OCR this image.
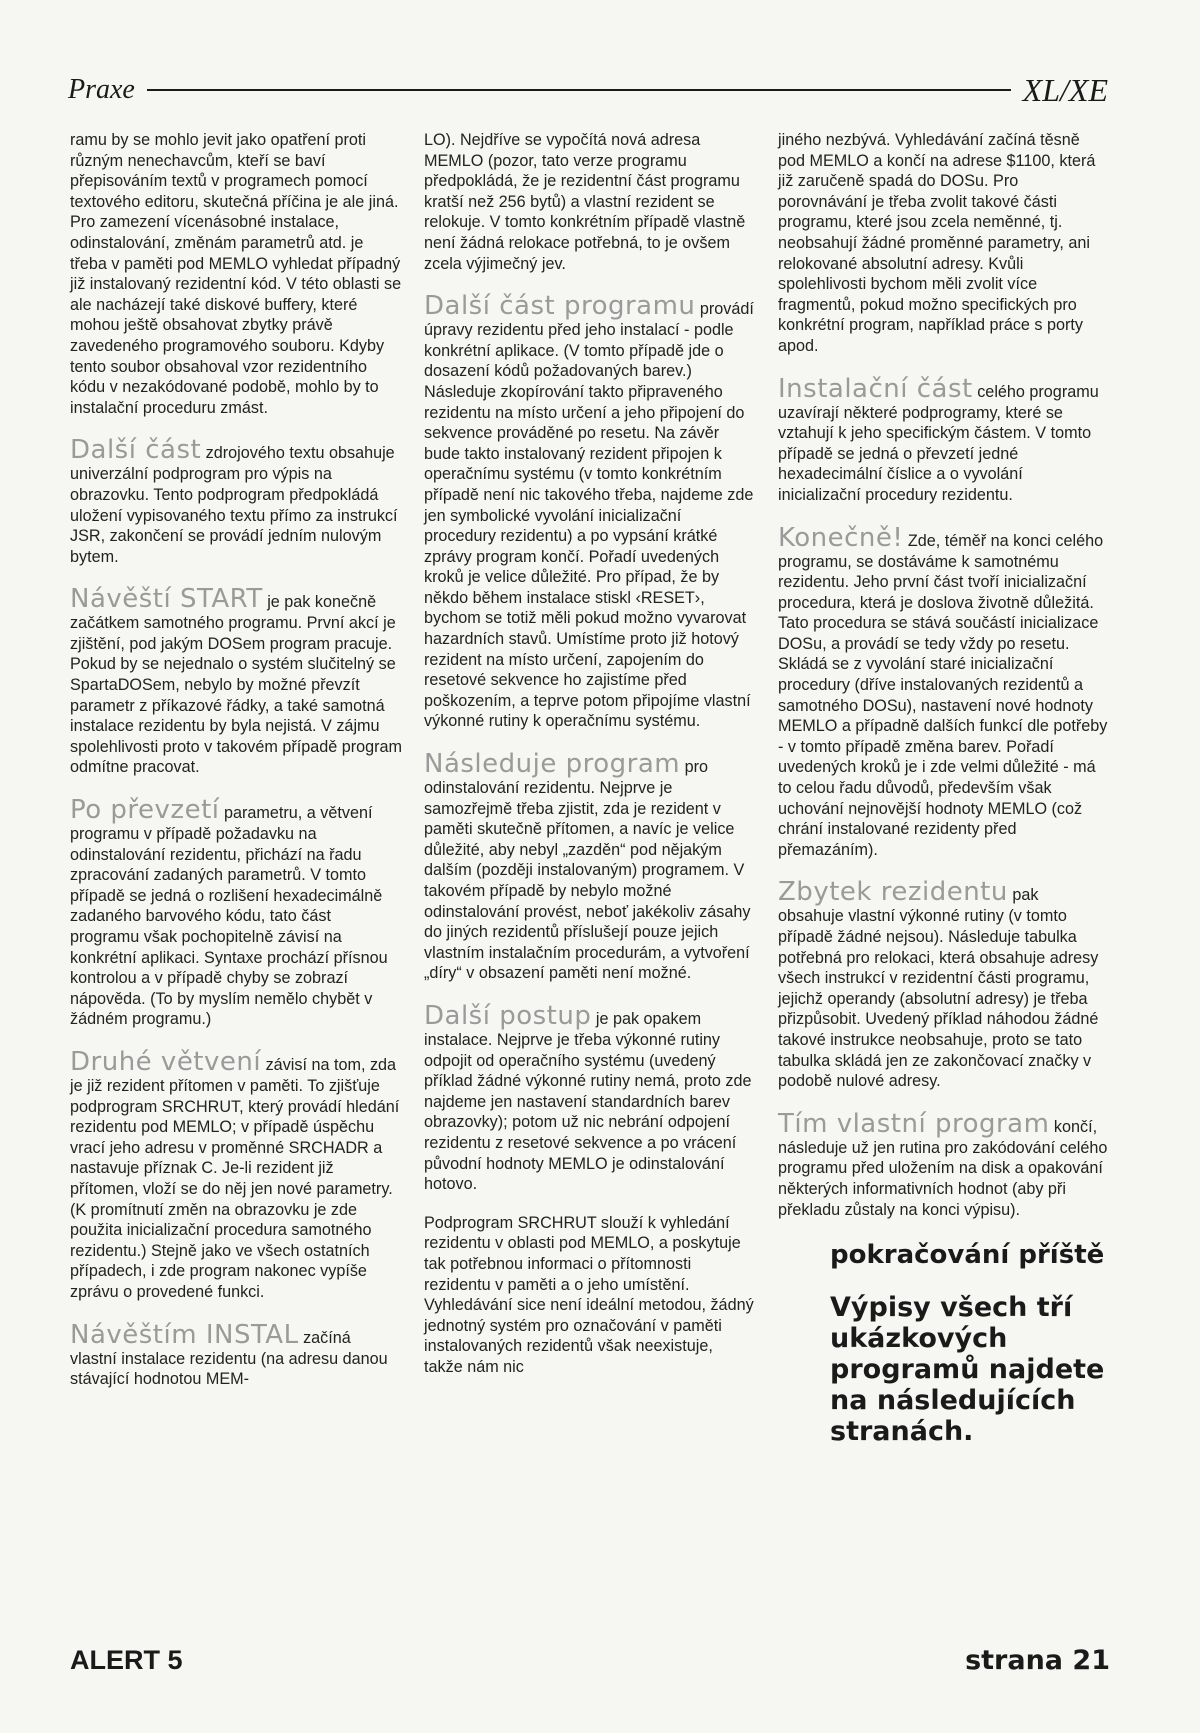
Praxe	XL/XE

ramu by se mohlo jevit jako opatření proti různým nenechavcům, kteří se baví přepisováním textů v programech pomocí textového editoru, skutečná příčina je ale jiná. Pro zamezení vícenásobné instalace, odinstalování, změnám parametrů atd. je třeba v paměti pod MEMLO vyhledat případný již instalovaný rezidentní kód. V této oblasti se ale nacházejí také diskové buffery, které mohou ještě obsahovat zbytky právě zavedeného programového souboru. Kdyby tento soubor obsahoval vzor rezidentního kódu v nezakódované podobě, mohlo by to instalační proceduru zmást.

Další část zdrojového textu obsahuje univerzální podprogram pro výpis na obrazovku. Tento podprogram předpokládá uložení vypisovaného textu přímo za instrukcí JSR, zakončení se provádí jedním nulovým bytem.

Návěští START je pak konečně začátkem samotného programu. První akcí je zjištění, pod jakým DOSem program pracuje. Pokud by se nejednalo o systém slučitelný se SpartaDOSem, nebylo by možné převzít parametr z příkazové řádky, a také samotná instalace rezidentu by byla nejistá. V zájmu spolehlivosti proto v takovém případě program odmítne pracovat.

Po převzetí parametru, a větvení programu v případě požadavku na odinstalování rezidentu, přichází na řadu zpracování zadaných parametrů. V tomto případě se jedná o rozlišení hexadecimálně zadaného barvového kódu, tato část programu však pochopitelně závisí na konkrétní aplikaci. Syntaxe prochází přísnou kontrolou a v případě chyby se zobrazí nápověda. (To by myslím nemělo chybět v žádném programu.)

Druhé větvení závisí na tom, zda je již rezident přítomen v paměti. To zjišťuje podprogram SRCHRUT, který provádí hledání rezidentu pod MEMLO; v případě úspěchu vrací jeho adresu v proměnné SRCHADR a nastavuje příznak C. Je-li rezident již přítomen, vloží se do něj jen nové parametry. (K promítnutí změn na obrazovku je zde použita inicializační procedura samotného rezidentu.) Stejně jako ve všech ostatních případech, i zde program nakonec vypíše zprávu o provedené funkci.

Návěštím INSTAL začíná vlastní instalace rezidentu (na adresu danou stávající hodnotou MEM-

LO). Nejdříve se vypočítá nová adresa MEMLO (pozor, tato verze programu předpokládá, že je rezidentní část programu kratší než 256 bytů) a vlastní rezident se relokuje. V tomto konkrétním případě vlastně není žádná relokace potřebná, to je ovšem zcela výjimečný jev.

Další část programu provádí úpravy rezidentu před jeho instalací - podle konkrétní aplikace. (V tomto případě jde o dosazení kódů požadovaných barev.) Následuje zkopírování takto připraveného rezidentu na místo určení a jeho připojení do sekvence prováděné po resetu. Na závěr bude takto instalovaný rezident připojen k operačnímu systému (v tomto konkrétním případě není nic takového třeba, najdeme zde jen symbolické vyvolání inicializační procedury rezidentu) a po vypsání krátké zprávy program končí. Pořadí uvedených kroků je velice důležité. Pro případ, že by někdo během instalace stiskl ‹RESET›, bychom se totiž měli pokud možno vyvarovat hazardních stavů. Umístíme proto již hotový rezident na místo určení, zapojením do resetové sekvence ho zajistíme před poškozením, a teprve potom připojíme vlastní výkonné rutiny k operačnímu systému.

Následuje program pro odinstalování rezidentu. Nejprve je samozřejmě třeba zjistit, zda je rezident v paměti skutečně přítomen, a navíc je velice důležité, aby nebyl „zazděn“ pod nějakým dalším (později instalovaným) programem. V takovém případě by nebylo možné odinstalování provést, neboť jakékoliv zásahy do jiných rezidentů příslušejí pouze jejich vlastním instalačním procedurám, a vytvoření „díry“ v obsazení paměti není možné.

Další postup je pak opakem instalace. Nejprve je třeba výkonné rutiny odpojit od operačního systému (uvedený příklad žádné výkonné rutiny nemá, proto zde najdeme jen nastavení standardních barev obrazovky); potom už nic nebrání odpojení rezidentu z resetové sekvence a po vrácení původní hodnoty MEMLO je odinstalování hotovo.

Podprogram SRCHRUT slouží k vyhledání rezidentu v oblasti pod MEMLO, a poskytuje tak potřebnou informaci o přítomnosti rezidentu v paměti a o jeho umístění. Vyhledávání sice není ideální metodou, žádný jednotný systém pro označování v paměti instalovaných rezidentů však neexistuje, takže nám nic

jiného nezbývá. Vyhledávání začíná těsně pod MEMLO a končí na adrese $1100, která již zaručeně spadá do DOSu. Pro porovnávání je třeba zvolit takové části programu, které jsou zcela neměnné, tj. neobsahují žádné proměnné parametry, ani relokované absolutní adresy. Kvůli spolehlivosti bychom měli zvolit více fragmentů, pokud možno specifických pro konkrétní program, například práce s porty apod.

Instalační část celého programu uzavírají některé podprogramy, které se vztahují k jeho specifickým částem. V tomto případě se jedná o převzetí jedné hexadecimální číslice a o vyvolání inicializační procedury rezidentu.

Konečně! Zde, téměř na konci celého programu, se dostáváme k samotnému rezidentu. Jeho první část tvoří inicializační procedura, která je doslova životně důležitá. Tato procedura se stává součástí inicializace DOSu, a provádí se tedy vždy po resetu. Skládá se z vyvolání staré inicializační procedury (dříve instalovaných rezidentů a samotného DOSu), nastavení nové hodnoty MEMLO a případně dalších funkcí dle potřeby - v tomto případě změna barev. Pořadí uvedených kroků je i zde velmi důležité - má to celou řadu důvodů, především však uchování nejnovější hodnoty MEMLO (což chrání instalované rezidenty před přemazáním).

Zbytek rezidentu pak obsahuje vlastní výkonné rutiny (v tomto případě žádné nejsou). Následuje tabulka potřebná pro relokaci, která obsahuje adresy všech instrukcí v rezidentní části programu, jejichž operandy (absolutní adresy) je třeba přizpůsobit. Uvedený příklad náhodou žádné takové instrukce neobsahuje, proto se tato tabulka skládá jen ze zakončovací značky v podobě nulové adresy.

Tím vlastní program končí, následuje už jen rutina pro zakódování celého programu před uložením na disk a opakování některých informativních hodnot (aby při překladu zůstaly na konci výpisu).

pokračování příště
Výpisy všech tří ukázkových programů najdete na následujících stranách.
ALERT 5	strana 21
